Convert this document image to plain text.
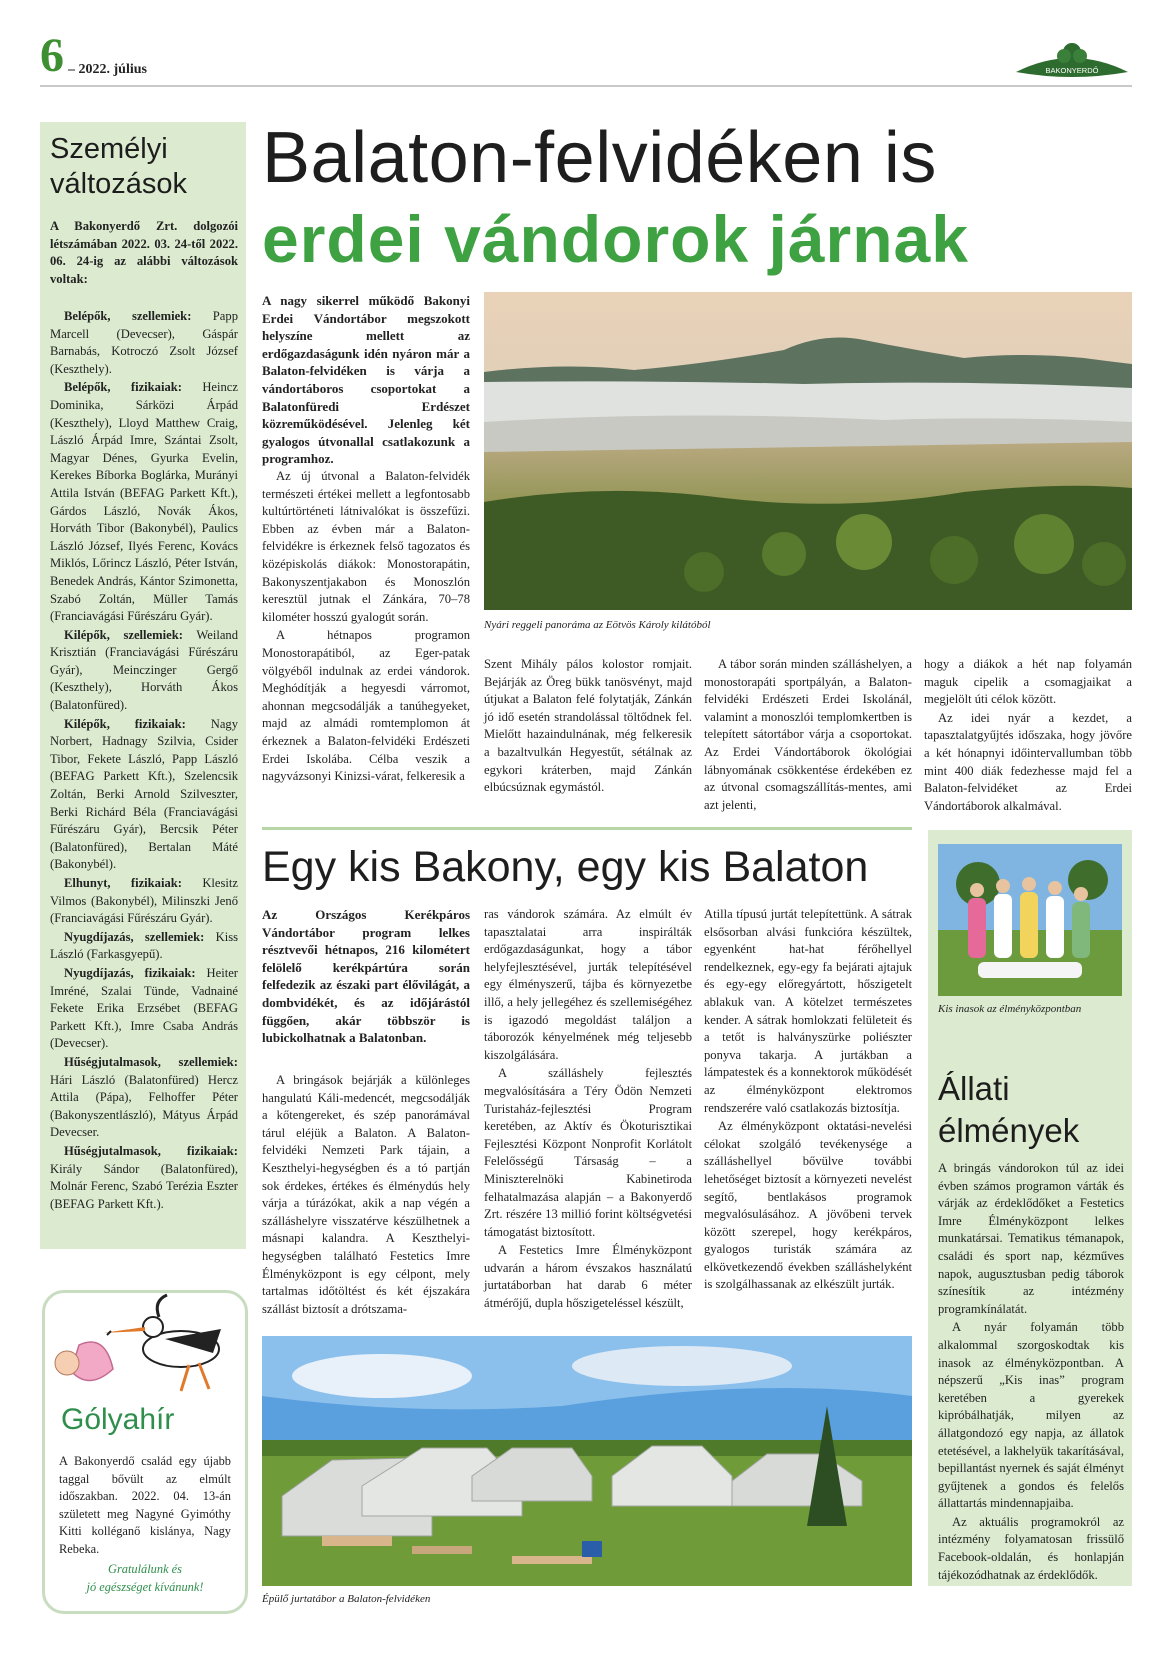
6 – 2022. július	BAKONYERDŐ
Személyi változások
A Bakonyerdő Zrt. dolgozói létszámában 2022. 03. 24-től 2022. 06. 24-ig az alábbi változások voltak:

Belépők, szellemiek: Papp Marcell (Devecser), Gáspár Barnabás, Kotroczó Zsolt József (Keszthely).

Belépők, fizikaiak: Heincz Dominika, Sárközi Árpád (Keszthely), Lloyd Matthew Craig, László Árpád Imre, Szántai Zsolt, Magyar Dénes, Gyurka Evelin, Kerekes Bíborka Boglárka, Murányi Attila István (BEFAG Parkett Kft.), Gárdos László, Novák Ákos, Horváth Tibor (Bakonybél), Paulics László József, Ilyés Ferenc, Kovács Miklós, Lőrincz László, Péter István, Benedek András, Kántor Szimonetta, Szabó Zoltán, Müller Tamás (Franciavágási Fűrészáru Gyár).

Kilépők, szellemiek: Weiland Krisztián (Franciavágási Fűrészáru Gyár), Meinczinger Gergő (Keszthely), Horváth Ákos (Balatonfüred).

Kilépők, fizikaiak: Nagy Norbert, Hadnagy Szilvia, Csider Tibor, Fekete László, Papp László (BEFAG Parkett Kft.), Szelencsik Zoltán, Berki Arnold Szilveszter, Berki Richárd Béla (Franciavágási Fűrészáru Gyár), Bercsik Péter (Balatonfüred), Bertalan Máté (Bakonybél).

Elhunyt, fizikaiak: Klesitz Vilmos (Bakonybél), Milinszki Jenő (Franciavágási Fűrészáru Gyár).

Nyugdíjazás, szellemiek: Kiss László (Farkasgyepű).

Nyugdíjazás, fizikaiak: Heiter Imréné, Szalai Tünde, Vadnainé Fekete Erika Erzsébet (BEFAG Parkett Kft.), Imre Csaba András (Devecser).

Hűségjutalmasok, szellemiek: Hári László (Balatonfüred) Hercz Attila (Pápa), Felhoffer Péter (Bakonyszentlászló), Mátyus Árpád Devecser.

Hűségjutalmasok, fizikaiak: Király Sándor (Balatonfüred), Molnár Ferenc, Szabó Terézia Eszter (BEFAG Parkett Kft.).

Gólyahír
A Bakonyerdő család egy újabb taggal bővült az elmúlt időszakban. 2022. 04. 13-án született meg Nagyné Gyimóthy Kitti kolléganő kislánya, Nagy Rebeka.
Gratulálunk és
jó egészséget kívánunk!
Balaton-felvidéken is
erdei vándorok járnak
A nagy sikerrel működő Bakonyi Erdei Vándortábor megszokott helyszíne mellett az erdőgazdaságunk idén nyáron már a Balaton-felvidéken is várja a vándortáboros csoportokat a Balatonfüredi Erdészet közreműködésével. Jelenleg két gyalogos útvonallal csatlakozunk a programhoz.

Az új útvonal a Balaton-felvidék természeti értékei mellett a legfontosabb kultúrtörténeti látnivalókat is összefűzi. Ebben az évben már a Balaton-felvidékre is érkeznek felső tagozatos és középiskolás diákok: Monostorapátin, Bakonyszentjakabon és Monoszlón keresztül jutnak el Zánkára, 70–78 kilométer hosszú gyalogút során.

A hétnapos programon Monostorapátiból, az Eger-patak völgyéből indulnak az erdei vándorok. Meghódítják a hegyesdi várromot, ahonnan megcsodálják a tanúhegyeket, majd az almádi romtemplomon át érkeznek a Balaton-felvidéki Erdészeti Erdei Iskolába. Célba veszik a nagyvázsonyi Kinizsi-várat, felkeresik a

Nyári reggeli panoráma az Eötvös Károly kilátóból

Szent Mihály pálos kolostor romjait. Bejárják az Öreg bükk tanösvényt, majd útjukat a Balaton felé folytatják, Zánkán jó idő esetén strandolással töltődnek fel. Mielőtt hazaindulnának, még felkeresik a bazaltvulkán Hegyestűt, sétálnak az egykori kráterben, majd Zánkán elbúcsúznak egymástól.

A tábor során minden szálláshelyen, a monostorapáti sportpályán, a Balaton-felvidéki Erdészeti Erdei Iskolánál, valamint a monoszlói templomkertben is telepített sátortábor várja a csoportokat. Az Erdei Vándortáborok ökológiai lábnyomának csökkentése érdekében ez az útvonal csomagszállítás-mentes, ami azt jelenti,

hogy a diákok a hét nap folyamán maguk cipelik a csomagjaikat a megjelölt úti célok között.

Az idei nyár a kezdet, a tapasztalatgyűjtés időszaka, hogy jövőre a két hónapnyi időintervallumban több mint 400 diák fedezhesse majd fel a Balaton-felvidéket az Erdei Vándortáborok alkalmával.

Egy kis Bakony, egy kis Balaton
Az Országos Kerékpáros Vándortábor program lelkes résztvevői hétnapos, 216 kilométert felölelő kerékpártúra során felfedezik az északi part élővilágát, a dombvidékét, és az időjárástól függően, akár többször is lubickolhatnak a Balatonban.

A bringások bejárják a különleges hangulatú Káli-medencét, megcsodálják a kőtengereket, és szép panorámával tárul eléjük a Balaton. A Balaton-felvidéki Nemzeti Park tájain, a Keszthelyi-hegységben és a tó partján sok érdekes, értékes és élménydús hely várja a túrázókat, akik a nap végén a szálláshelyre visszatérve készülhetnek a másnapi kalandra. A Keszthelyi-hegységben található Festetics Imre Élményközpont is egy célpont, mely tartalmas időtöltést és két éjszakára szállást biztosít a drótszama-

ras vándorok számára. Az elmúlt év tapasztalatai arra inspirálták erdőgazdaságunkat, hogy a tábor helyfejlesztésével, jurták telepítésével egy élményszerű, tájba és környezetbe illő, a hely jellegéhez és szellemiségéhez is igazodó megoldást találjon a táborozók kényelmének még teljesebb kiszolgálására.

A szálláshely fejlesztés megvalósítására a Téry Ödön Nemzeti Turistaház-fejlesztési Program keretében, az Aktív és Ökoturisztikai Fejlesztési Központ Nonprofit Korlátolt Felelősségű Társaság – a Miniszterelnöki Kabinetiroda felhatalmazása alapján – a Bakonyerdő Zrt. részére 13 millió forint költségvetési támogatást biztosított.

A Festetics Imre Élményközpont udvarán a három évszakos használatú jurtatáborban hat darab 6 méter átmérőjű, dupla hőszigeteléssel készült,

Atilla típusú jurtát telepítettünk. A sátrak elsősorban alvási funkcióra készültek, egyenként hat-hat férőhellyel rendelkeznek, egy-egy fa bejárati ajtajuk és egy-egy előregyártott, hőszigetelt ablakuk van. A kötelzet természetes kender. A sátrak homlokzati felületeit és a tetőt is halványszürke poliészter ponyva takarja. A jurtákban a lámpatestek és a konnektorok működését az élményközpont elektromos rendszerére való csatlakozás biztosítja.

Az élményközpont oktatási-nevelési célokat szolgáló tevékenysége a szálláshellyel bővülve további lehetőséget biztosít a környezeti nevelést segítő, bentlakásos programok megvalósulásához. A jövőbeni tervek között szerepel, hogy kerékpáros, gyalogos turisták számára az elkövetkezendő években szálláshelyként is szolgálhassanak az elkészült jurták.

Épülő jurtatábor a Balaton-felvidéken
Kis inasok az élményközpontban
Állati élmények

A bringás vándorokon túl az idei évben számos programon várták és várják az érdeklődőket a Festetics Imre Élményközpont lelkes munkatársai. Tematikus témanapok, családi és sport nap, kézműves napok, augusztusban pedig táborok színesítik az intézmény programkínálatát.

A nyár folyamán több alkalommal szorgoskodtak kis inasok az élményközpontban. A népszerű „Kis inas” program keretében a gyerekek kipróbálhatják, milyen az állatgondozó egy napja, az állatok etetésével, a lakhelyük takarításával, bepillantást nyernek és saját élményt gyűjtenek a gondos és felelős állattartás mindennapjaiba.

Az aktuális programokról az intézmény folyamatosan frissülő Facebook-oldalán, és honlapján tájékozódhatnak az érdeklődők.
